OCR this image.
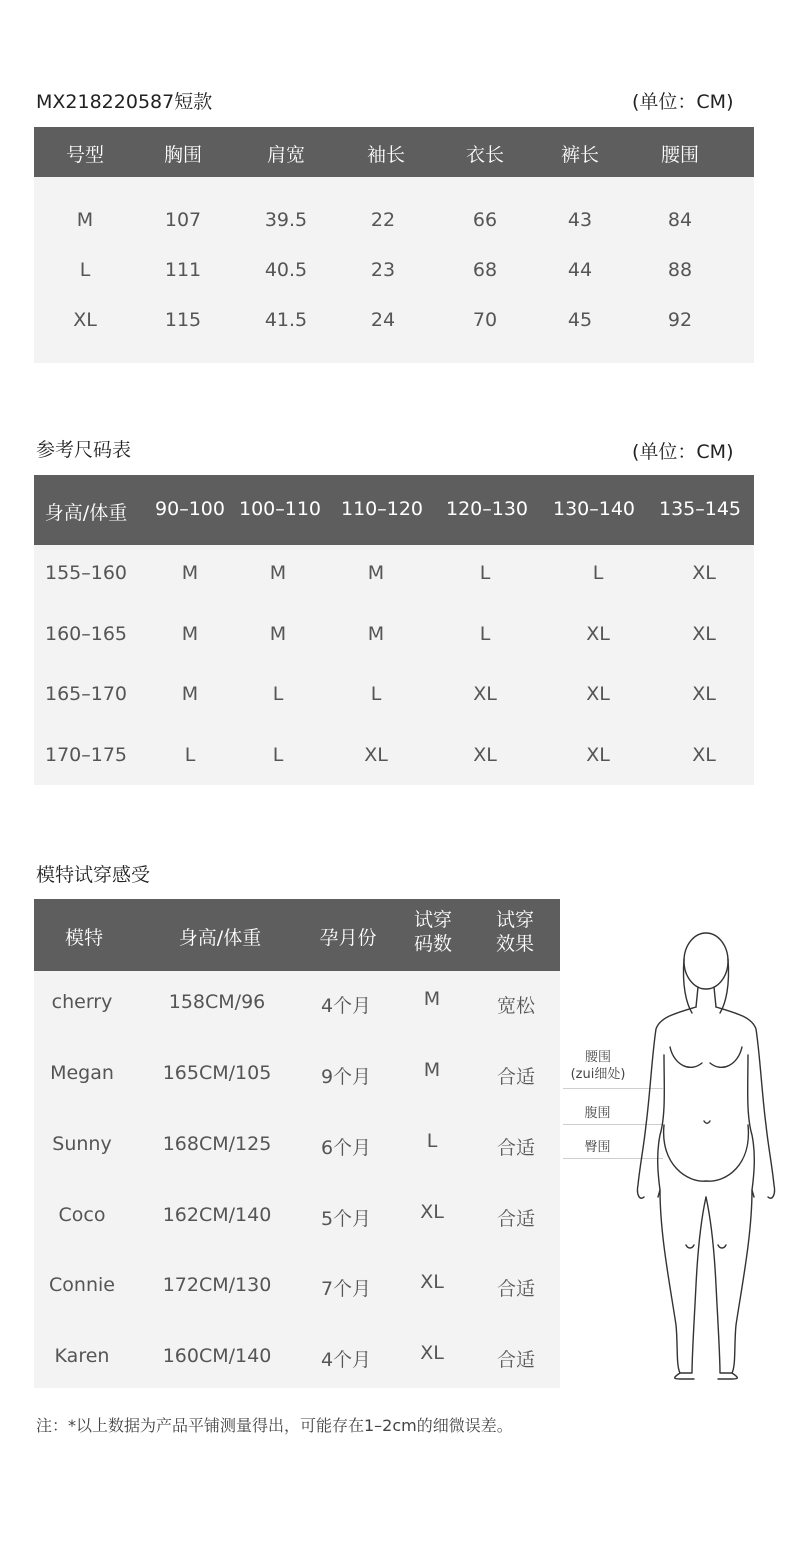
MX218220587短款	(单位：CM)
号型	胸围	肩宽	袖长	衣长	裤长	腰围
M	107	39.5	22	66	43	84
L	111	40.5	23	68	44	88
XL	115	41.5	24	70	45	92
参考尺码表	(单位：CM)
身高/体重 90–100 100–110 110–120 120–130 130–140 135–145
155–160	M	M	M	L	L	XL
160–165	M	M	M	L	XL	XL
165–170	M	L	L	XL	XL	XL
170–175	L	L	XL	XL	XL	XL
模特试穿感受
模特	身高/体重	孕月份
试穿
码数
试穿
效果
cherry	158CM/96	4个月	M	宽松
Megan	165CM/105	9个月	M	合适
Sunny	168CM/125	6个月	L	合适
Coco	162CM/140	5个月	XL	合适
Connie	172CM/130	7个月	XL	合适
Karen	160CM/140	4个月	XL	合适
腰围
(zui细处)
腹围
臀围
注：*以上数据为产品平铺测量得出，可能存在1–2cm的细微误差。
